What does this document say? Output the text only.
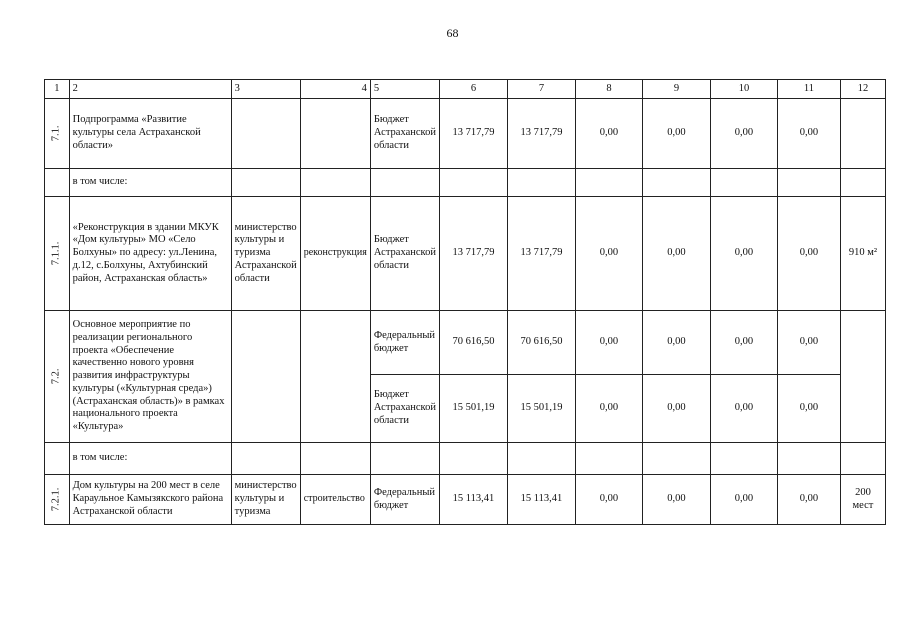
68
1	2	3	4	5	6	7	8	9	10	11	12
7.1.	Подпрограмма «Развитие культуры села Астраханской области»			Бюджет Астраханской области	13 717,79	13 717,79	0,00	0,00	0,00	0,00	
	в том числе:										
7.1.1.	«Реконструкция в здании МКУК «Дом культуры» МО «Село Болхуны» по адресу: ул.Ленина, д.12, с.Болхуны, Ахтубинский район, Астраханская область»	министерство культуры и туризма Астраханской области	реконструкция	Бюджет Астраханской области	13 717,79	13 717,79	0,00	0,00	0,00	0,00	910 м²
7.2.	Основное мероприятие по реализации регионального проекта «Обеспечение качественно нового уровня развития инфраструктуры культуры («Культурная среда») (Астраханская область)» в рамках национального проекта «Культура»			Федеральный бюджет	70 616,50	70 616,50	0,00	0,00	0,00	0,00	
				Бюджет Астраханской области	15 501,19	15 501,19	0,00	0,00	0,00	0,00	
	в том числе:										
7.2.1.	Дом культуры на 200 мест в селе Караульное Камызякского района Астраханской области	министерство культуры и туризма	строительство	Федеральный бюджет	15 113,41	15 113,41	0,00	0,00	0,00	0,00	200 мест
